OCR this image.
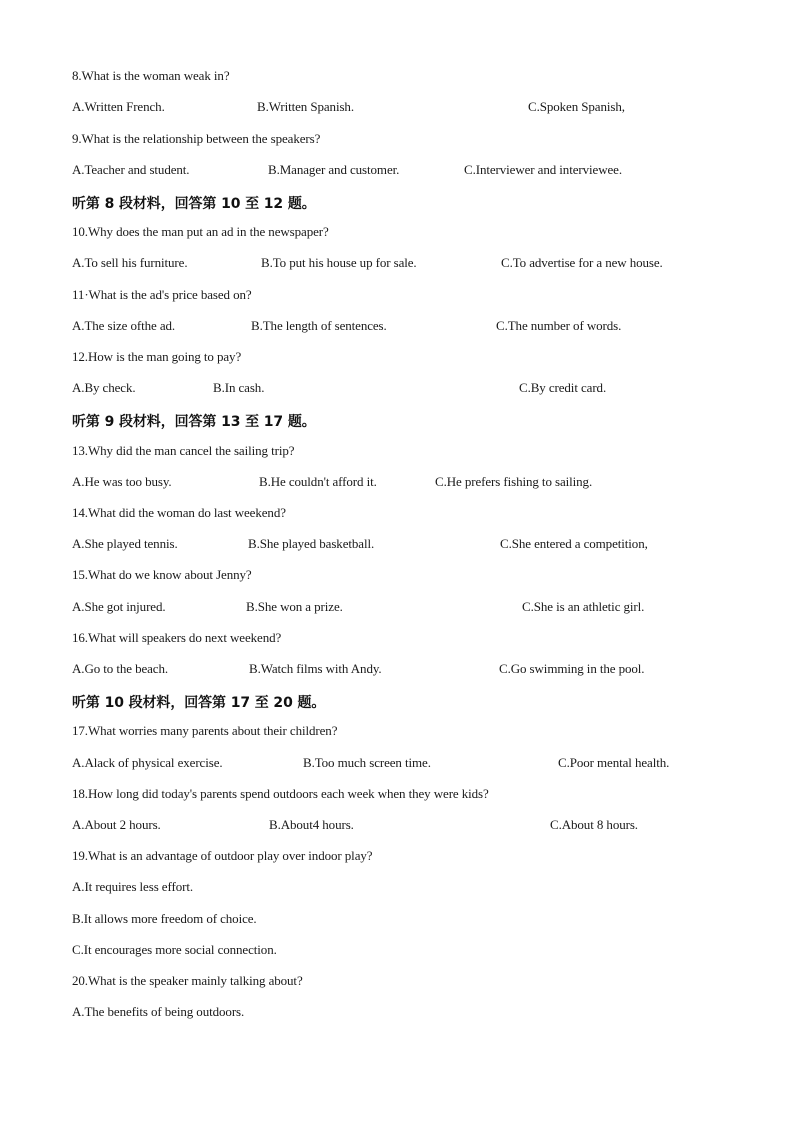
8.What is the woman weak in?
A.Written French.	B.Written Spanish.	C.Spoken Spanish,
9.What is the relationship between the speakers?
A.Teacher and student.	B.Manager and customer.	C.Interviewer and interviewee.
听第 8 段材料，回答第 10 至 12 题。
10.Why does the man put an ad in the newspaper?
A.To sell his furniture.	B.To put his house up for sale.	C.To advertise for a new house.
11·What is the ad's price based on?
A.The size ofthe ad.	B.The length of sentences.	C.The number of words.
12.How is the man going to pay?
A.By check.	B.In cash.	C.By credit card.
听第 9 段材料，回答第 13 至 17 题。
13.Why did the man cancel the sailing trip?
A.He was too busy.	B.He couldn't afford it.	C.He prefers fishing to sailing.
14.What did the woman do last weekend?
A.She played tennis.	B.She played basketball.	C.She entered a competition,
15.What do we know about Jenny?
A.She got injured.	B.She won a prize.	C.She is an athletic girl.
16.What will speakers do next weekend?
A.Go to the beach.	B.Watch films with Andy.	C.Go swimming in the pool.
听第 10 段材料，回答第 17 至 20 题。
17.What worries many parents about their children?
A.Alack of physical exercise.	B.Too much screen time.	C.Poor mental health.
18.How long did today's parents spend outdoors each week when they were kids?
A.About 2 hours.	B.About4 hours.	C.About 8 hours.
19.What is an advantage of outdoor play over indoor play?
A.It requires less effort.
B.It allows more freedom of choice.
C.It encourages more social connection.
20.What is the speaker mainly talking about?
A.The benefits of being outdoors.
